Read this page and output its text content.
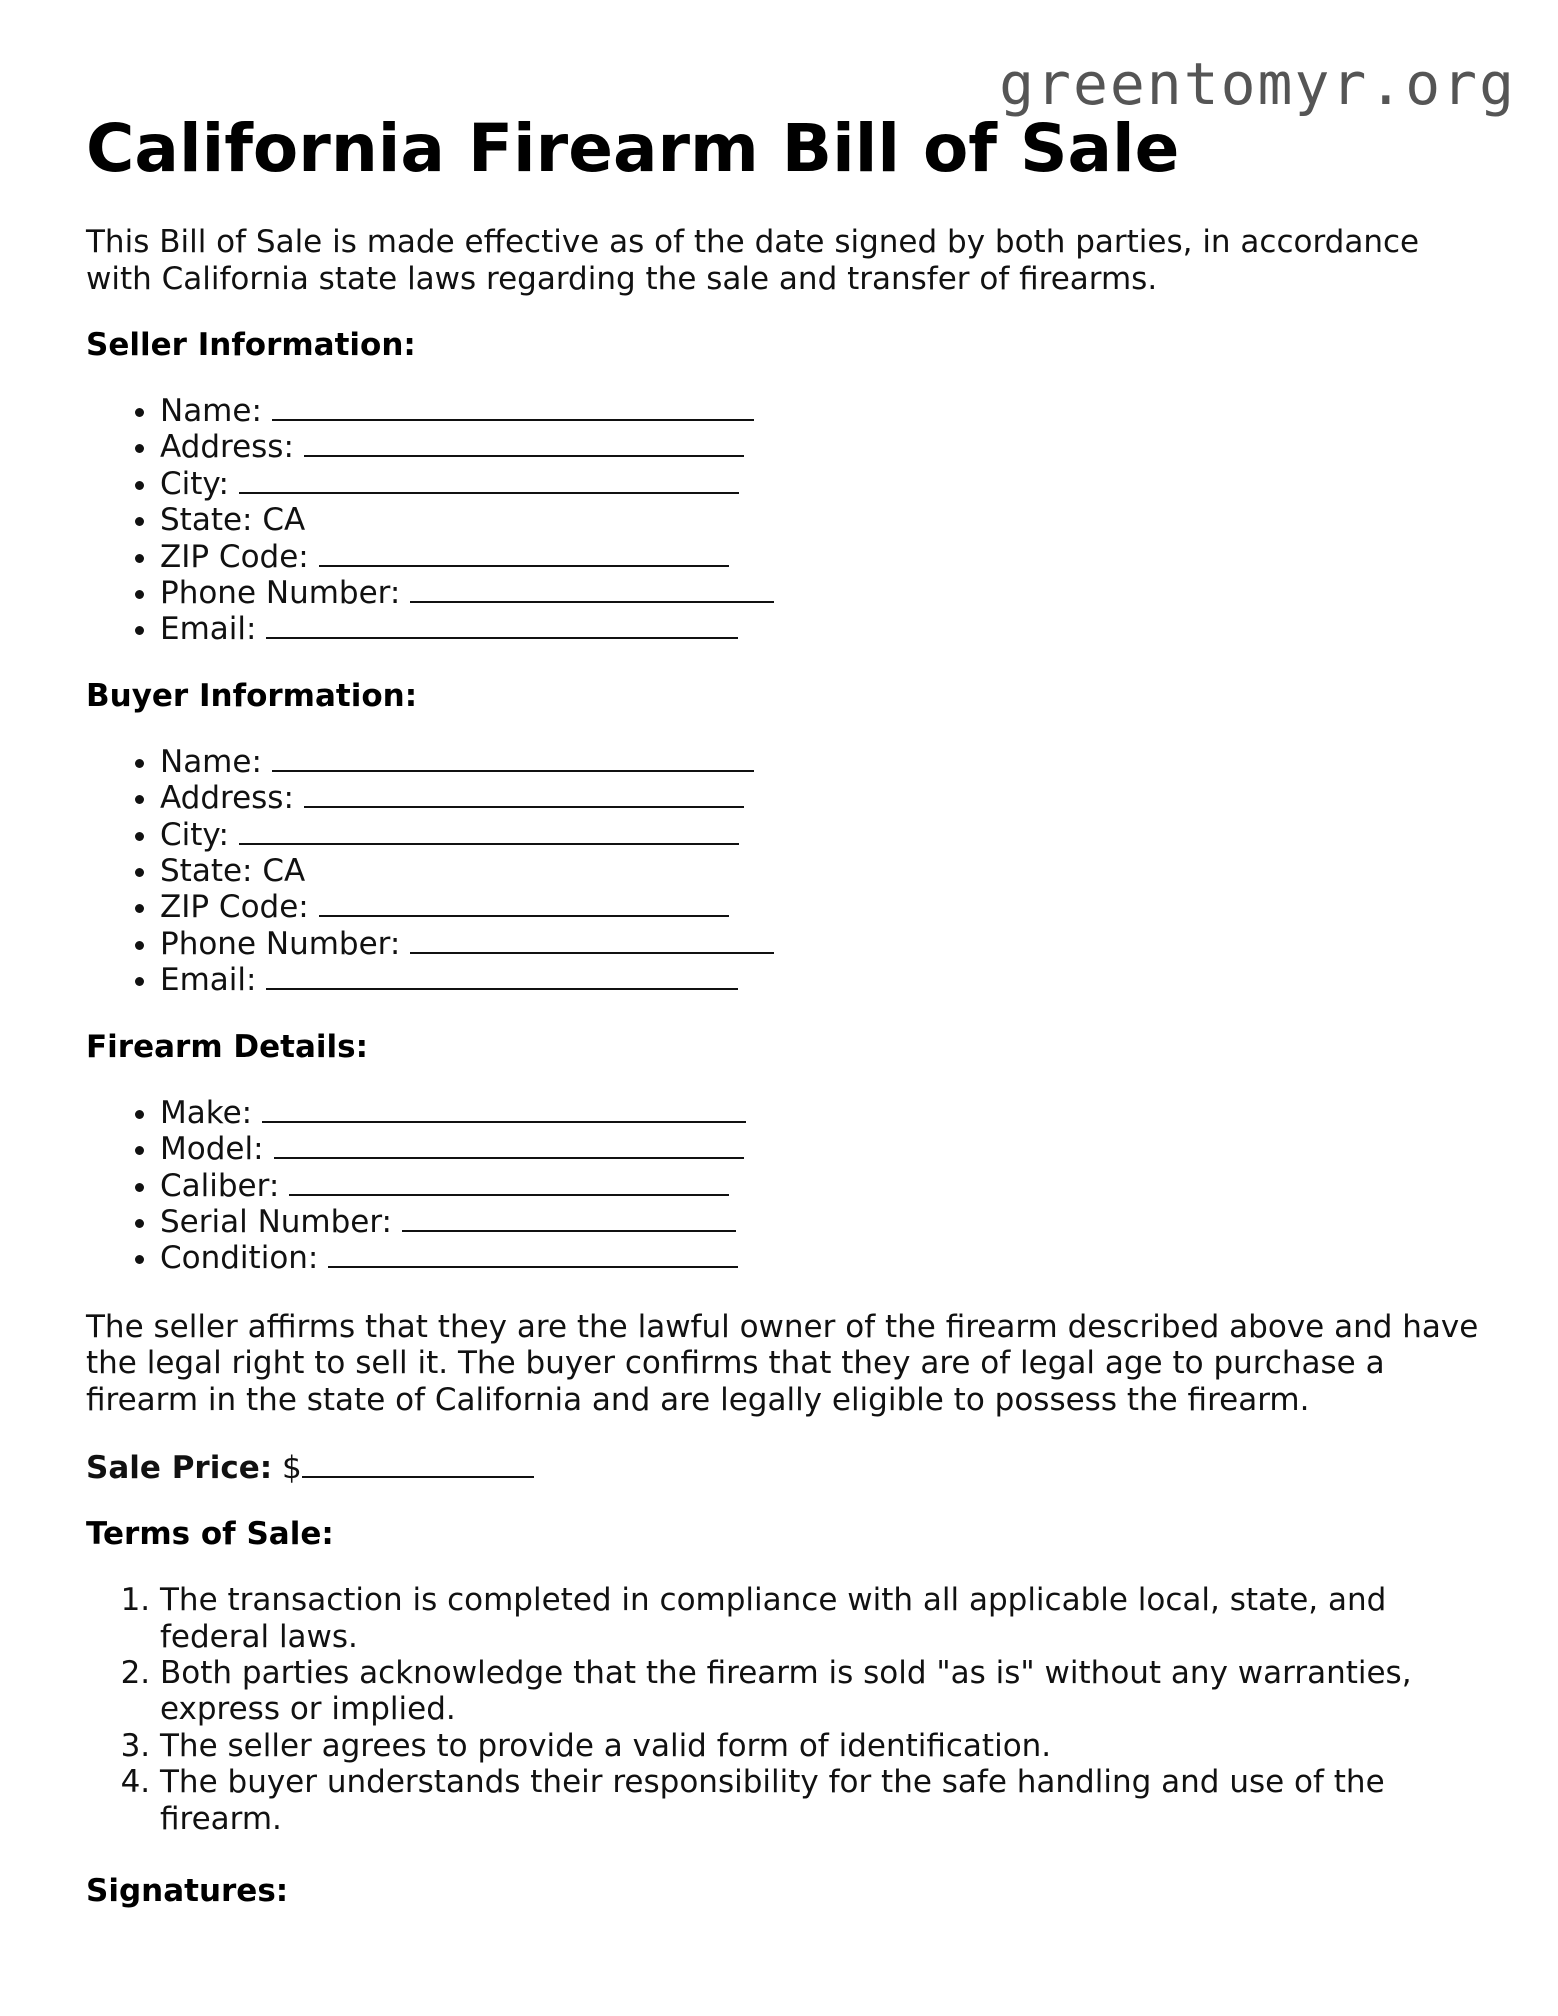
greentomyr.org
California Firearm Bill of Sale

This Bill of Sale is made effective as of the date signed by both parties, in accordance with California state laws regarding the sale and transfer of firearms.

Seller Information:
• Name:
• Address:
• City:
• State: CA
• ZIP Code:
• Phone Number:
• Email:
Buyer Information:
• Name:
• Address:
• City:
• State: CA
• ZIP Code:
• Phone Number:
• Email:
Firearm Details:
• Make:
• Model:
• Caliber:
• Serial Number:
• Condition:

The seller affirms that they are the lawful owner of the firearm described above and have the legal right to sell it. The buyer confirms that they are of legal age to purchase a firearm in the state of California and are legally eligible to possess the firearm.

Sale Price: $
Terms of Sale:
1. The transaction is completed in compliance with all applicable local, state, and federal laws.
2. Both parties acknowledge that the firearm is sold "as is" without any warranties, express or implied.
3. The seller agrees to provide a valid form of identification.
4. The buyer understands their responsibility for the safe handling and use of the firearm.
Signatures:
